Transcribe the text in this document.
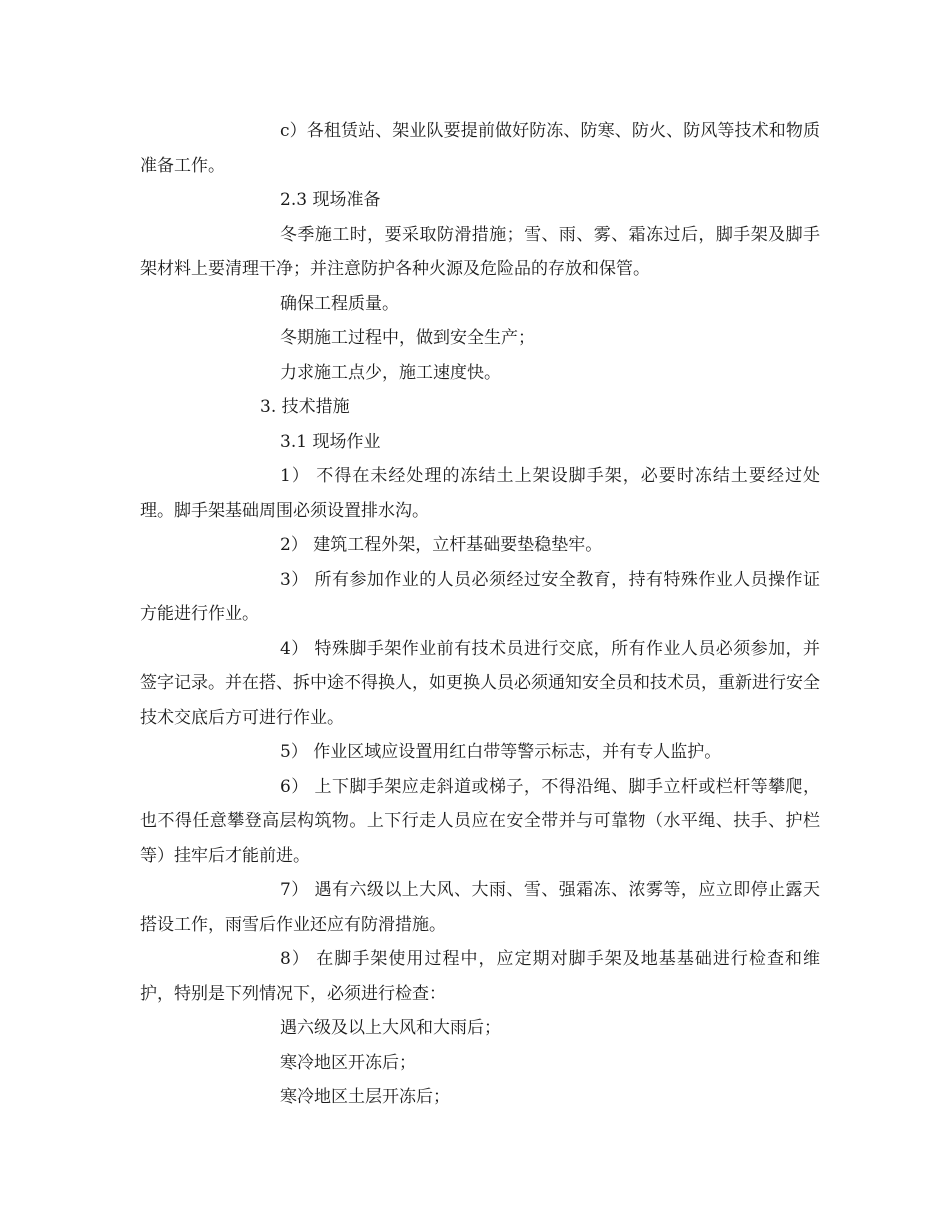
c）各租赁站、架业队要提前做好防冻、防寒、防火、防风等技术和物质准备工作。

2.3 现场准备

冬季施工时，要采取防滑措施；雪、雨、雾、霜冻过后，脚手架及脚手架材料上要清理干净；并注意防护各种火源及危险品的存放和保管。

确保工程质量。

冬期施工过程中，做到安全生产；

力求施工点少，施工速度快。

3. 技术措施

3.1 现场作业

1） 不得在未经处理的冻结土上架设脚手架，必要时冻结土要经过处理。脚手架基础周围必须设置排水沟。

2） 建筑工程外架，立杆基础要垫稳垫牢。

3） 所有参加作业的人员必须经过安全教育，持有特殊作业人员操作证方能进行作业。

4） 特殊脚手架作业前有技术员进行交底，所有作业人员必须参加，并签字记录。并在搭、拆中途不得换人，如更换人员必须通知安全员和技术员，重新进行安全技术交底后方可进行作业。

5） 作业区域应设置用红白带等警示标志，并有专人监护。

6） 上下脚手架应走斜道或梯子，不得沿绳、脚手立杆或栏杆等攀爬，也不得任意攀登高层构筑物。上下行走人员应在安全带并与可靠物（水平绳、扶手、护栏等）挂牢后才能前进。

7） 遇有六级以上大风、大雨、雪、强霜冻、浓雾等，应立即停止露天搭设工作，雨雪后作业还应有防滑措施。

8） 在脚手架使用过程中，应定期对脚手架及地基基础进行检查和维护，特别是下列情况下，必须进行检查：

遇六级及以上大风和大雨后；

寒冷地区开冻后；

寒冷地区土层开冻后；
